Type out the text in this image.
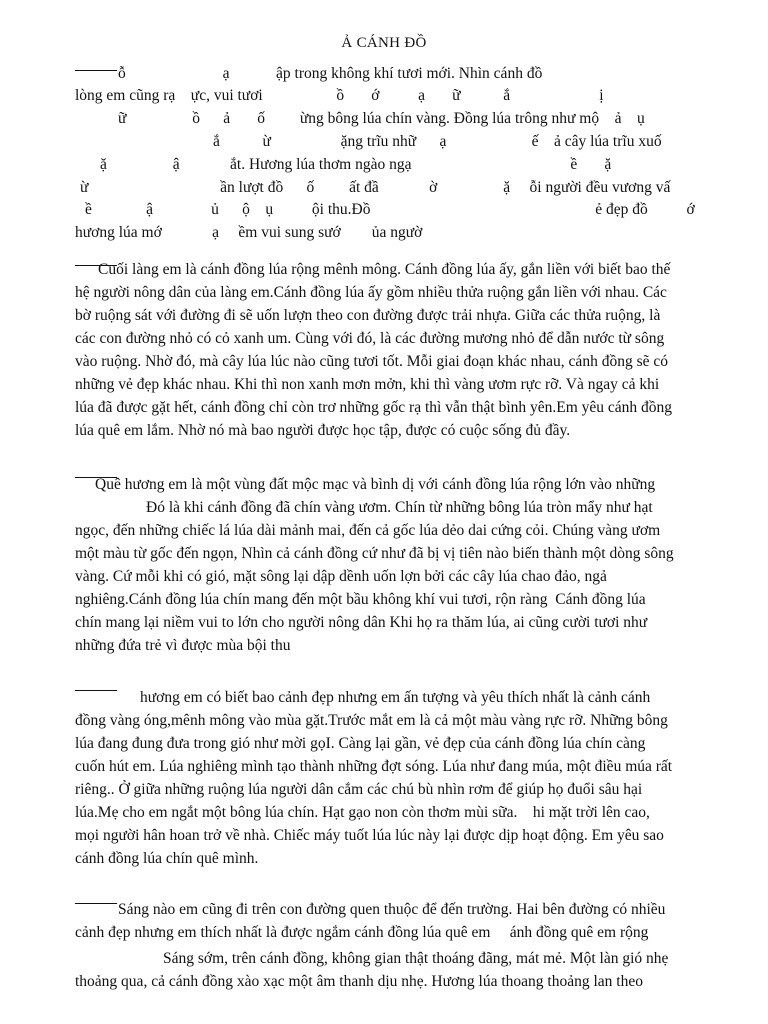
Ả CÁNH ĐỒ
ỗ                         ạ            ập trong không khí tươi mới. Nhìn cánh đồ
lòng em cũng rạ    ực, vui tươi                   ồ       ớ          ạ       ữ           ắ                       ị
ữ                 ồ      ả       ố         ừng bông lúa chín vàng. Đồng lúa trông như mộ    ả    ụ
ắ           ừ                  ặng trĩu nhữ      ạ                      ế    ả cây lúa trĩu xuố
ặ                 ậ             ắt. Hương lúa thơm ngào ngạ                                         ề       ặ
ừ                                  ần lượt đồ      ố         ất đầ             ờ                 ặ     ỗi người đều vương vấ
ề              ậ               ủ      ộ    ụ          ội thu.Đồ                                                          ẻ đẹp đồ          ớ
hương lúa mớ             ạ     ềm vui sung sướ        ủa ngườ
Cuối làng em là cánh đồng lúa rộng mênh mông. Cánh đồng lúa ấy, gắn liền với biết bao thế
hệ người nông dân của làng em.Cánh đồng lúa ấy gồm nhiều thửa ruộng gắn liền với nhau. Các
bờ ruộng sát với đường đi sẽ uốn lượn theo con đường được trải nhựa. Giữa các thửa ruộng, là
các con đường nhỏ có cỏ xanh um. Cùng với đó, là các đường mương nhỏ để dẫn nước từ sông
vào ruộng. Nhờ đó, mà cây lúa lúc nào cũng tươi tốt. Mỗi giai đoạn khác nhau, cánh đồng sẽ có
những vẻ đẹp khác nhau. Khi thì non xanh mơn mởn, khi thì vàng ươm rực rỡ. Và ngay cả khi
lúa đã được gặt hết, cánh đồng chỉ còn trơ những gốc rạ thì vẫn thật bình yên.Em yêu cánh đồng
lúa quê em lắm. Nhờ nó mà bao người được học tập, được có cuộc sống đủ đầy.
Quê hương em là một vùng đất mộc mạc và bình dị với cánh đồng lúa rộng lớn vào những
Đó là khi cánh đồng đã chín vàng ươm. Chín từ những bông lúa tròn mẩy như hạt
ngọc, đến những chiếc lá lúa dài mảnh mai, đến cả gốc lúa dẻo dai cứng cỏi. Chúng vàng ươm
một màu từ gốc đến ngọn, Nhìn cả cánh đồng cứ như đã bị vị tiên nào biến thành một dòng sông
vàng. Cứ mỗi khi có gió, mặt sông lại dập dềnh uốn lợn bởi các cây lúa chao đảo, ngả
nghiêng.Cánh đồng lúa chín mang đến một bầu không khí vui tươi, rộn ràng  Cánh đồng lúa
chín mang lại niềm vui to lớn cho người nông dân Khi họ ra thăm lúa, ai cũng cười tươi như
những đứa trẻ vì được mùa bội thu
hương em có biết bao cảnh đẹp nhưng em ấn tượng và yêu thích nhất là cảnh cánh
đồng vàng óng,mênh mông vào mùa gặt.Trước mắt em là cả một màu vàng rực rỡ. Những bông
lúa đang đung đưa trong gió như mời gọI. Càng lại gần, vẻ đẹp của cánh đồng lúa chín càng
cuốn hút em. Lúa nghiêng mình tạo thành những đợt sóng. Lúa như đang múa, một điều múa rất
riêng.. Ở giữa những ruộng lúa người dân cắm các chú bù nhìn rơm để giúp họ đuổi sâu hại
lúa.Mẹ cho em ngắt một bông lúa chín. Hạt gạo non còn thơm mùi sữa.    hi mặt trời lên cao,
mọi người hân hoan trở về nhà. Chiếc máy tuốt lúa lúc này lại được dịp hoạt động. Em yêu sao
cánh đồng lúa chín quê mình.
Sáng nào em cũng đi trên con đường quen thuộc để đến trường. Hai bên đường có nhiều
cảnh đẹp nhưng em thích nhất là được ngắm cánh đồng lúa quê em     ánh đồng quê em rộng
Sáng sớm, trên cánh đồng, không gian thật thoáng đãng, mát mẻ. Một làn gió nhẹ
thoảng qua, cả cánh đồng xào xạc một âm thanh dịu nhẹ. Hương lúa thoang thoảng lan theo
